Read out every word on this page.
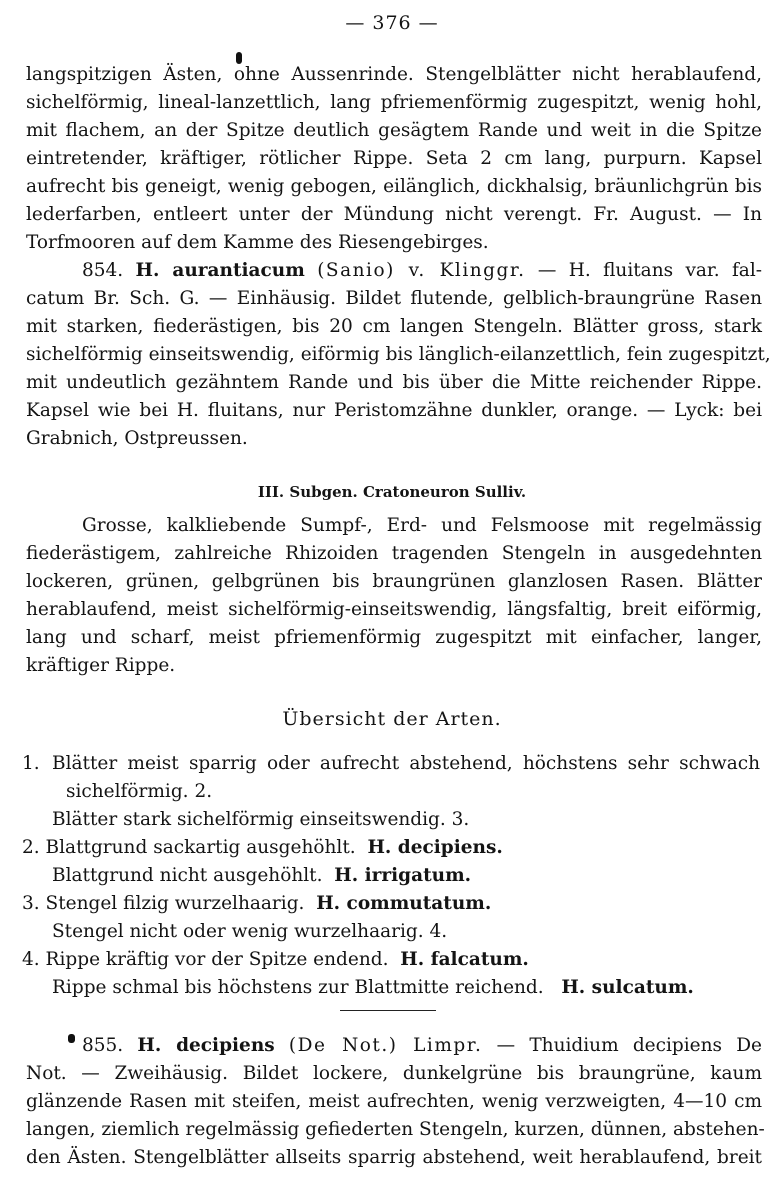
— 376 —
langspitzigen Ästen, ohne Aussenrinde. Stengelblätter nicht herablaufend,
sichelförmig, lineal-lanzettlich, lang pfriemenförmig zugespitzt, wenig hohl,
mit flachem, an der Spitze deutlich gesägtem Rande und weit in die Spitze
eintretender, kräftiger, rötlicher Rippe. Seta 2 cm lang, purpurn. Kapsel
aufrecht bis geneigt, wenig gebogen, eilänglich, dickhalsig, bräunlichgrün bis
lederfarben, entleert unter der Mündung nicht verengt. Fr. August. — In
Torfmooren auf dem Kamme des Riesengebirges.
854. H. aurantiacum (Sanio) v. Klinggr. — H. fluitans var. fal-
catum Br. Sch. G. — Einhäusig. Bildet flutende, gelblich-braungrüne Rasen
mit starken, fiederästigen, bis 20 cm langen Stengeln. Blätter gross, stark
sichelförmig einseitswendig, eiförmig bis länglich-eilanzettlich, fein zugespitzt,
mit undeutlich gezähntem Rande und bis über die Mitte reichender Rippe.
Kapsel wie bei H. fluitans, nur Peristomzähne dunkler, orange. — Lyck: bei
Grabnich, Ostpreussen.
III. Subgen. Cratoneuron Sulliv.
Grosse, kalkliebende Sumpf-, Erd- und Felsmoose mit regelmässig
fiederästigem, zahlreiche Rhizoiden tragenden Stengeln in ausgedehnten
lockeren, grünen, gelbgrünen bis braungrünen glanzlosen Rasen. Blätter
herablaufend, meist sichelförmig-einseitswendig, längsfaltig, breit eiförmig,
lang und scharf, meist pfriemenförmig zugespitzt mit einfacher, langer,
kräftiger Rippe.
Übersicht der Arten.
1. Blätter meist sparrig oder aufrecht abstehend, höchstens sehr schwach
sichelförmig. 2.
Blätter stark sichelförmig einseitswendig. 3.
2. Blattgrund sackartig ausgehöhlt. H. decipiens.
Blattgrund nicht ausgehöhlt. H. irrigatum.
3. Stengel filzig wurzelhaarig. H. commutatum.
Stengel nicht oder wenig wurzelhaarig. 4.
4. Rippe kräftig vor der Spitze endend. H. falcatum.
Rippe schmal bis höchstens zur Blattmitte reichend. H. sulcatum.
855. H. decipiens (De Not.) Limpr. — Thuidium decipiens De
Not. — Zweihäusig. Bildet lockere, dunkelgrüne bis braungrüne, kaum
glänzende Rasen mit steifen, meist aufrechten, wenig verzweigten, 4—10 cm
langen, ziemlich regelmässig gefiederten Stengeln, kurzen, dünnen, abstehen-
den Ästen. Stengelblätter allseits sparrig abstehend, weit herablaufend, breit
